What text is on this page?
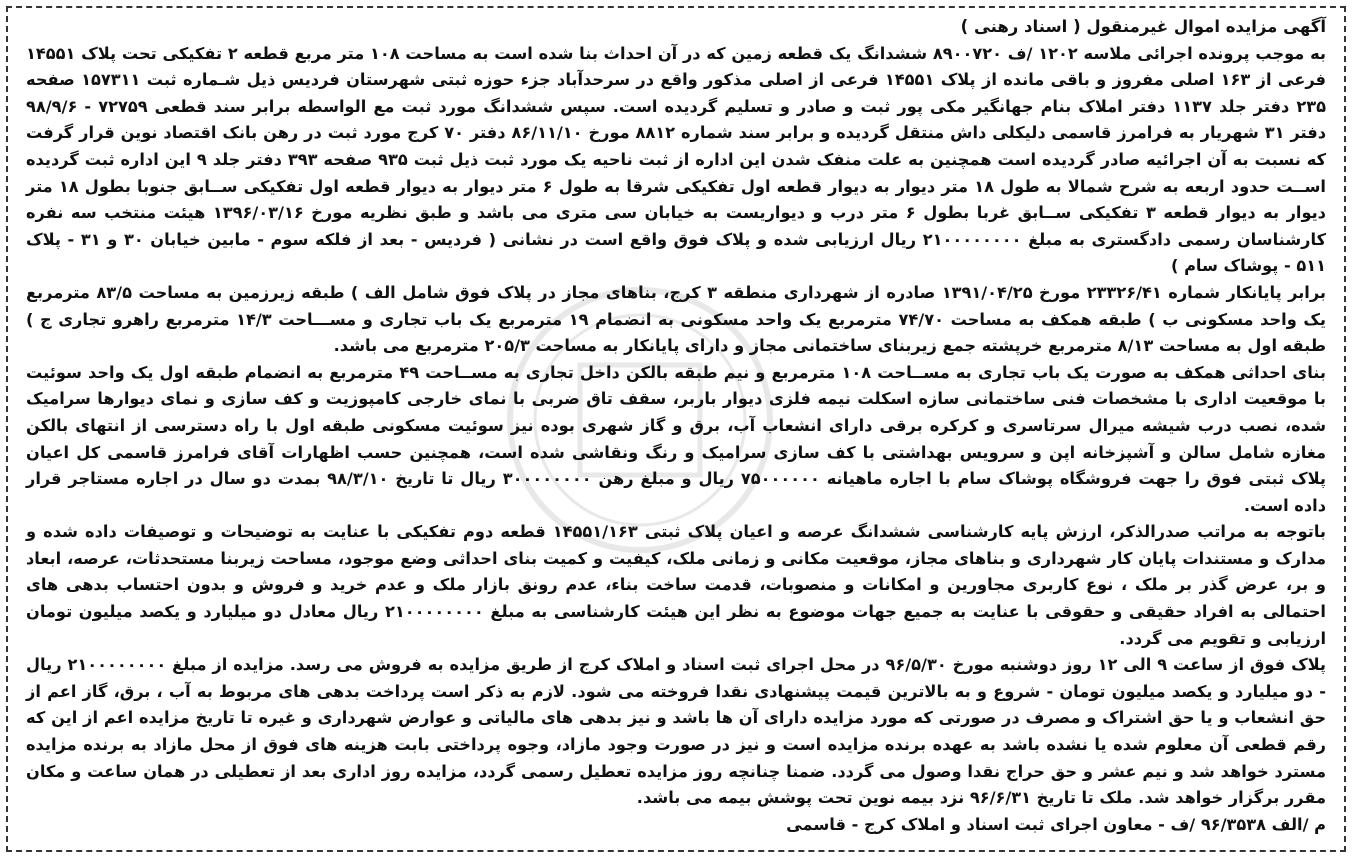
آگهی مزایده اموال غیرمنقول ( اسناد رهنی )

به موجب پرونده اجرائی ملاسه ۱۲۰۲ /ف ۸۹۰۰۷۲۰ ششدانگ یک قطعه زمین که در آن احداث بنا شده است به مساحت ۱۰۸ متر مربع قطعه ۲ تفکیکی تحت پلاک ۱۴۵۵۱ فرعی از ۱۶۳ اصلی مفروز و باقی مانده از پلاک ۱۴۵۵۱ فرعی از اصلی مذکور واقع در سرحدآباد جزء حوزه ثبتی شهرستان فردیس ذیل شـماره ثبت ۱۵۷۳۱۱ صفحه ۲۳۵ دفتر جلد ۱۱۳۷ دفتر املاک بنام جهانگیر مکی پور ثبت و صادر و تسلیم گردیده است. سپس ششدانگ مورد ثبت مع الواسطه برابر سند قطعی ۷۲۷۵۹ - ۹۸/۹/۶ دفتر ۳۱ شهریار به فرامرز قاسمی دلیکلی داش منتقل گردیده و برابر سند شماره ۸۸۱۲ مورخ ۸۶/۱۱/۱۰ دفتر ۷۰ کرج مورد ثبت در رهن بانک اقتصاد نوین قرار گرفت که نسبت به آن اجرائیه صادر گردیده است همچنین به علت منفک شدن این اداره از ثبت ناحیه یک مورد ثبت ذیل ثبت ۹۳۵ صفحه ۳۹۳ دفتر جلد ۹ این اداره ثبت گردیده اســت حدود اربعه به شرح شمالا به طول ۱۸ متر دیوار به دیوار قطعه اول تفکیکی شرقا به طول ۶ متر دیوار به دیوار قطعه اول تفکیکی ســابق جنوبا بطول ۱۸ متر دیوار به دیوار قطعه ۳ تفکیکی ســابق غربا بطول ۶ متر درب و دیواریست به خیابان سی متری می باشد و طبق نظریه مورخ ۱۳۹۶/۰۳/۱۶ هیئت منتخب سه نفره کارشناسان رسمی دادگستری به مبلغ ۲۱۰۰۰۰۰۰۰۰ ریال ارزیابی شده و پلاک فوق واقع است در نشانی ( فردیس - بعد از فلکه سوم - مابین خیابان ۳۰ و ۳۱ - پلاک ۵۱۱ - پوشاک سام )

برابر پایانکار شماره ۲۳۳۲۶/۴۱ مورخ ۱۳۹۱/۰۴/۲۵ صادره از شهرداری منطقه ۳ کرج، بناهای مجاز در پلاک فوق شامل الف ) طبقه زیرزمین به مساحت ۸۳/۵ مترمربع یک واحد مسکونی ب ) طبقه همکف به مساحت ۷۴/۷۰ مترمربع یک واحد مسکونی به انضمام ۱۹ مترمربع یک باب تجاری و مســـاحت ۱۴/۳ مترمربع راهرو تجاری ج ) طبقه اول به مساحت ۸/۱۳ مترمربع خرپشته جمع زیربنای ساختمانی مجاز و دارای پایانکار به مساحت ۲۰۵/۳ مترمربع می باشد.

بنای احداثی همکف به صورت یک باب تجاری به مســاحت ۱۰۸ مترمربع و نیم طبقه بالکن داخل تجاری به مســاحت ۴۹ مترمربع به انضمام طبقه اول یک واحد سوئیت با موقعیت اداری با مشخصات فنی ساختمانی سازه اسکلت نیمه فلزی دیوار باربر، سقف تاق ضربی با نمای خارجی کامپوزیت و کف سازی و نمای دیوارها سرامیک شده، نصب درب شیشه میرال سرتاسری و کرکره برقی دارای انشعاب آب، برق و گاز شهری بوده نیز سوئیت مسکونی طبقه اول با راه دسترسی از انتهای بالکن مغازه شامل سالن و آشپزخانه اپن و سرویس بهداشتی با کف سازی سرامیک و رنگ ونقاشی شده است، همچنین حسب اظهارات آقای فرامرز قاسمی کل اعیان پلاک ثبتی فوق را جهت فروشگاه پوشاک سام با اجاره ماهیانه ۷۵۰۰۰۰۰۰ ریال و مبلغ رهن ۳۰۰۰۰۰۰۰۰ ریال تا تاریخ ۹۸/۳/۱۰ بمدت دو سال در اجاره مستاجر قرار داده است.

باتوجه به مراتب صدرالذکر، ارزش پایه کارشناسی ششدانگ عرصه و اعیان پلاک ثبتی ۱۴۵۵۱/۱۶۳ قطعه دوم تفکیکی با عنایت به توضیحات و توصیفات داده شده و مدارک و مستندات پایان کار شهرداری و بناهای مجاز، موقعیت مکانی و زمانی ملک، کیفیت و کمیت بنای احداثی وضع موجود، مساحت زیربنا مستحدثات، عرصه، ابعاد و بر، عرض گذر بر ملک ، نوع کاربری مجاورین و امکانات و منصوبات، قدمت ساخت بناء، عدم رونق بازار ملک و عدم خرید و فروش و بدون احتساب بدهی های احتمالی به افراد حقیقی و حقوقی با عنایت به جمیع جهات موضوع به نظر این هیئت کارشناسی به مبلغ ۲۱۰۰۰۰۰۰۰۰ ریال معادل دو میلیارد و یکصد میلیون تومان ارزیابی و تقویم می گردد.

پلاک فوق از ساعت ۹ الی ۱۲ روز دوشنبه مورخ ۹۶/۵/۳۰ در محل اجرای ثبت اسناد و املاک کرج از طریق مزایده به فروش می رسد. مزایده از مبلغ ۲۱۰۰۰۰۰۰۰۰ ریال - دو میلیارد و یکصد میلیون تومان - شروع و به بالاترین قیمت پیشنهادی نقدا فروخته می شود. لازم به ذکر است پرداخت بدهی های مربوط به آب ، برق، گاز اعم از حق انشعاب و یا حق اشتراک و مصرف در صورتی که مورد مزایده دارای آن ها باشد و نیز بدهی های مالیاتی و عوارض شهرداری و غیره تا تاریخ مزایده اعم از این که رقم قطعی آن معلوم شده یا نشده باشد به عهده برنده مزایده است و نیز در صورت وجود مازاد، وجوه پرداختی بابت هزینه های فوق از محل مازاد به برنده مزایده مسترد خواهد شد و نیم عشر و حق حراج نقدا وصول می گردد. ضمنا چنانچه روز مزایده تعطیل رسمی گردد، مزایده روز اداری بعد از تعطیلی در همان ساعت و مکان مقرر برگزار خواهد شد. ملک تا تاریخ ۹۶/۶/۳۱ نزد بیمه نوین تحت پوشش بیمه می باشد.

م /الف ۹۶/۳۵۳۸ /ف - معاون اجرای ثبت اسناد و املاک کرج - قاسمی
